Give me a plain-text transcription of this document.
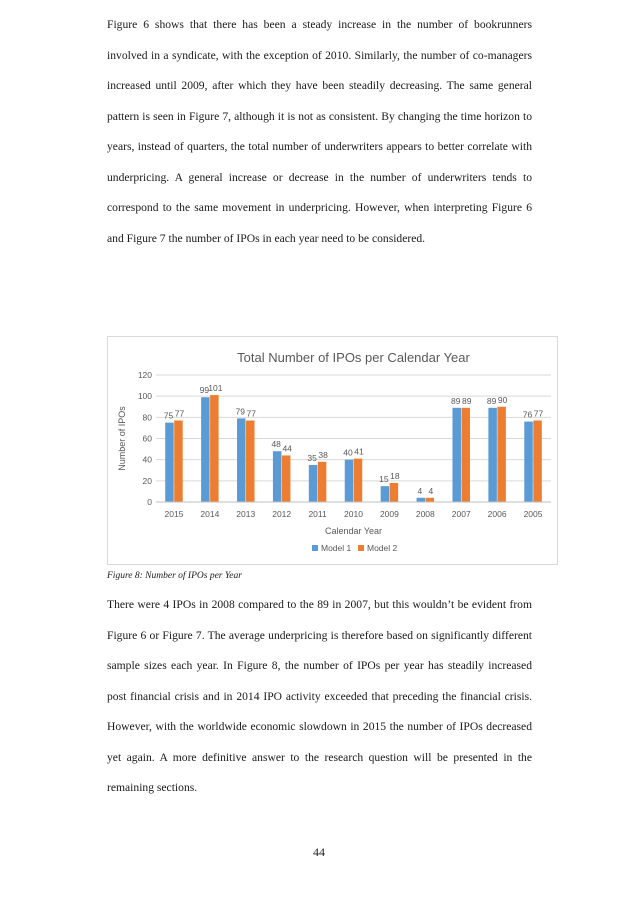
Figure 6 shows that there has been a steady increase in the number of bookrunners involved in a syndicate, with the exception of 2010. Similarly, the number of co-managers increased until 2009, after which they have been steadily decreasing. The same general pattern is seen in Figure 7, although it is not as consistent. By changing the time horizon to years, instead of quarters, the total number of underwriters appears to better correlate with underpricing. A general increase or decrease in the number of underwriters tends to correspond to the same movement in underpricing. However, when interpreting Figure 6 and Figure 7 the number of IPOs in each year need to be considered.

Total Number of IPOs per Calendar Year
0
20
40
60
80
100
120
Number of IPOs	75 77
2015
99 101
2014
79 77
2013
48 44
2012
35 38
2011
40 41
2010
15 18
2009
4 4
2008
89 89
2007
89 90
2006
76 77
2005
Calendar Year
Model 1 Model 2

Figure 8: Number of IPOs per Year

There were 4 IPOs in 2008 compared to the 89 in 2007, but this wouldn’t be evident from Figure 6 or Figure 7. The average underpricing is therefore based on significantly different sample sizes each year. In Figure 8, the number of IPOs per year has steadily increased post financial crisis and in 2014 IPO activity exceeded that preceding the financial crisis. However, with the worldwide economic slowdown in 2015 the number of IPOs decreased yet again. A more definitive answer to the research question will be presented in the remaining sections.

44
